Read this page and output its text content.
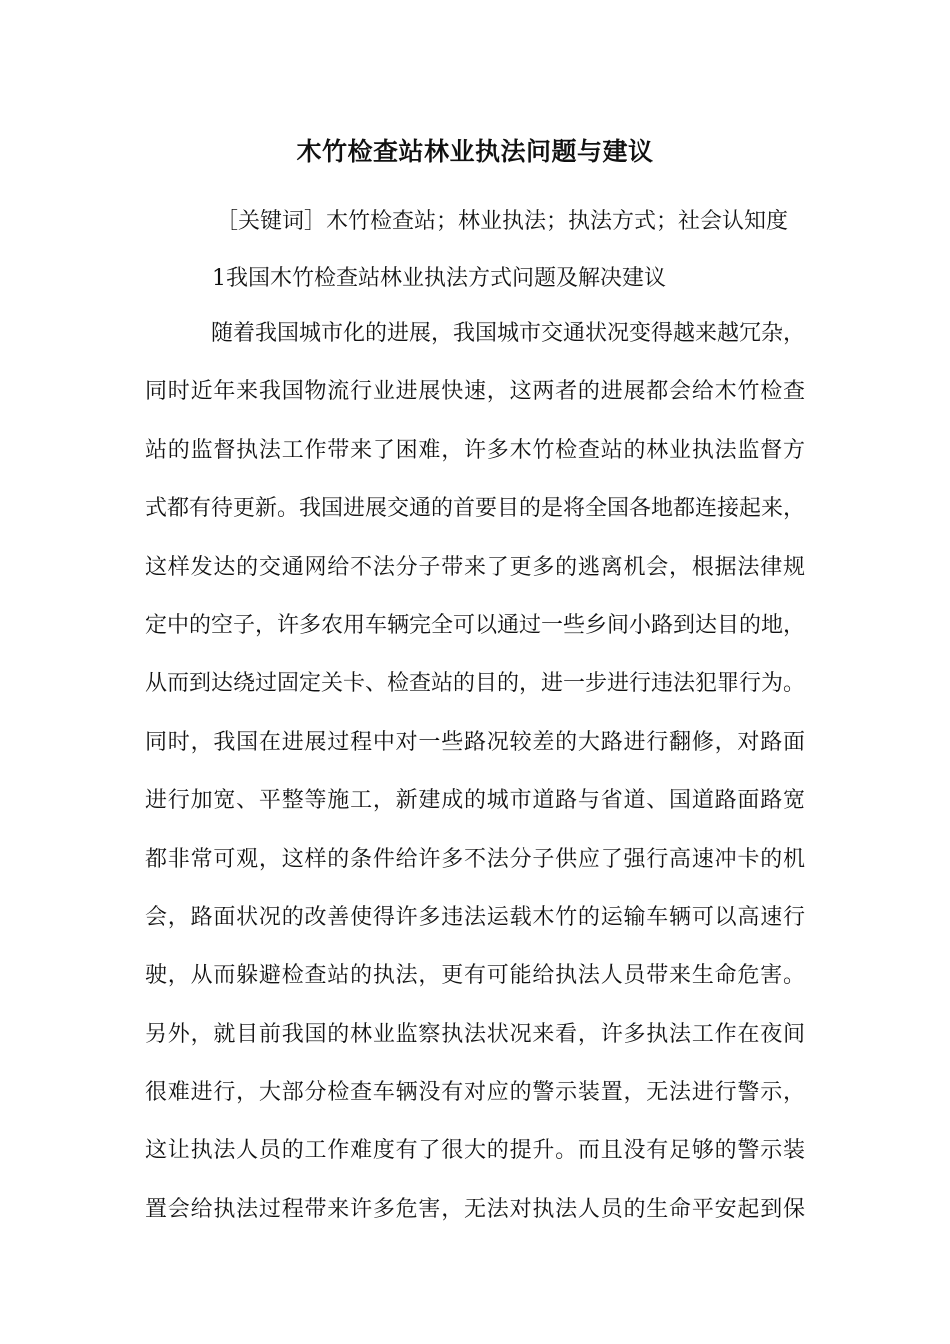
木竹检查站林业执法问题与建议

［关键词］木竹检查站；林业执法；执法方式；社会认知度

1我国木竹检查站林业执法方式问题及解决建议

随着我国城市化的进展，我国城市交通状况变得越来越冗杂，
同时近年来我国物流行业进展快速，这两者的进展都会给木竹检查
站的监督执法工作带来了困难，许多木竹检查站的林业执法监督方
式都有待更新。我国进展交通的首要目的是将全国各地都连接起来，
这样发达的交通网给不法分子带来了更多的逃离机会，根据法律规
定中的空子，许多农用车辆完全可以通过一些乡间小路到达目的地，
从而到达绕过固定关卡、检查站的目的，进一步进行违法犯罪行为。
同时，我国在进展过程中对一些路况较差的大路进行翻修，对路面
进行加宽、平整等施工，新建成的城市道路与省道、国道路面路宽
都非常可观，这样的条件给许多不法分子供应了强行高速冲卡的机
会，路面状况的改善使得许多违法运载木竹的运输车辆可以高速行
驶，从而躲避检查站的执法，更有可能给执法人员带来生命危害。
另外，就目前我国的林业监察执法状况来看，许多执法工作在夜间
很难进行，大部分检查车辆没有对应的警示装置，无法进行警示，
这让执法人员的工作难度有了很大的提升。而且没有足够的警示装
置会给执法过程带来许多危害，无法对执法人员的生命平安起到保
